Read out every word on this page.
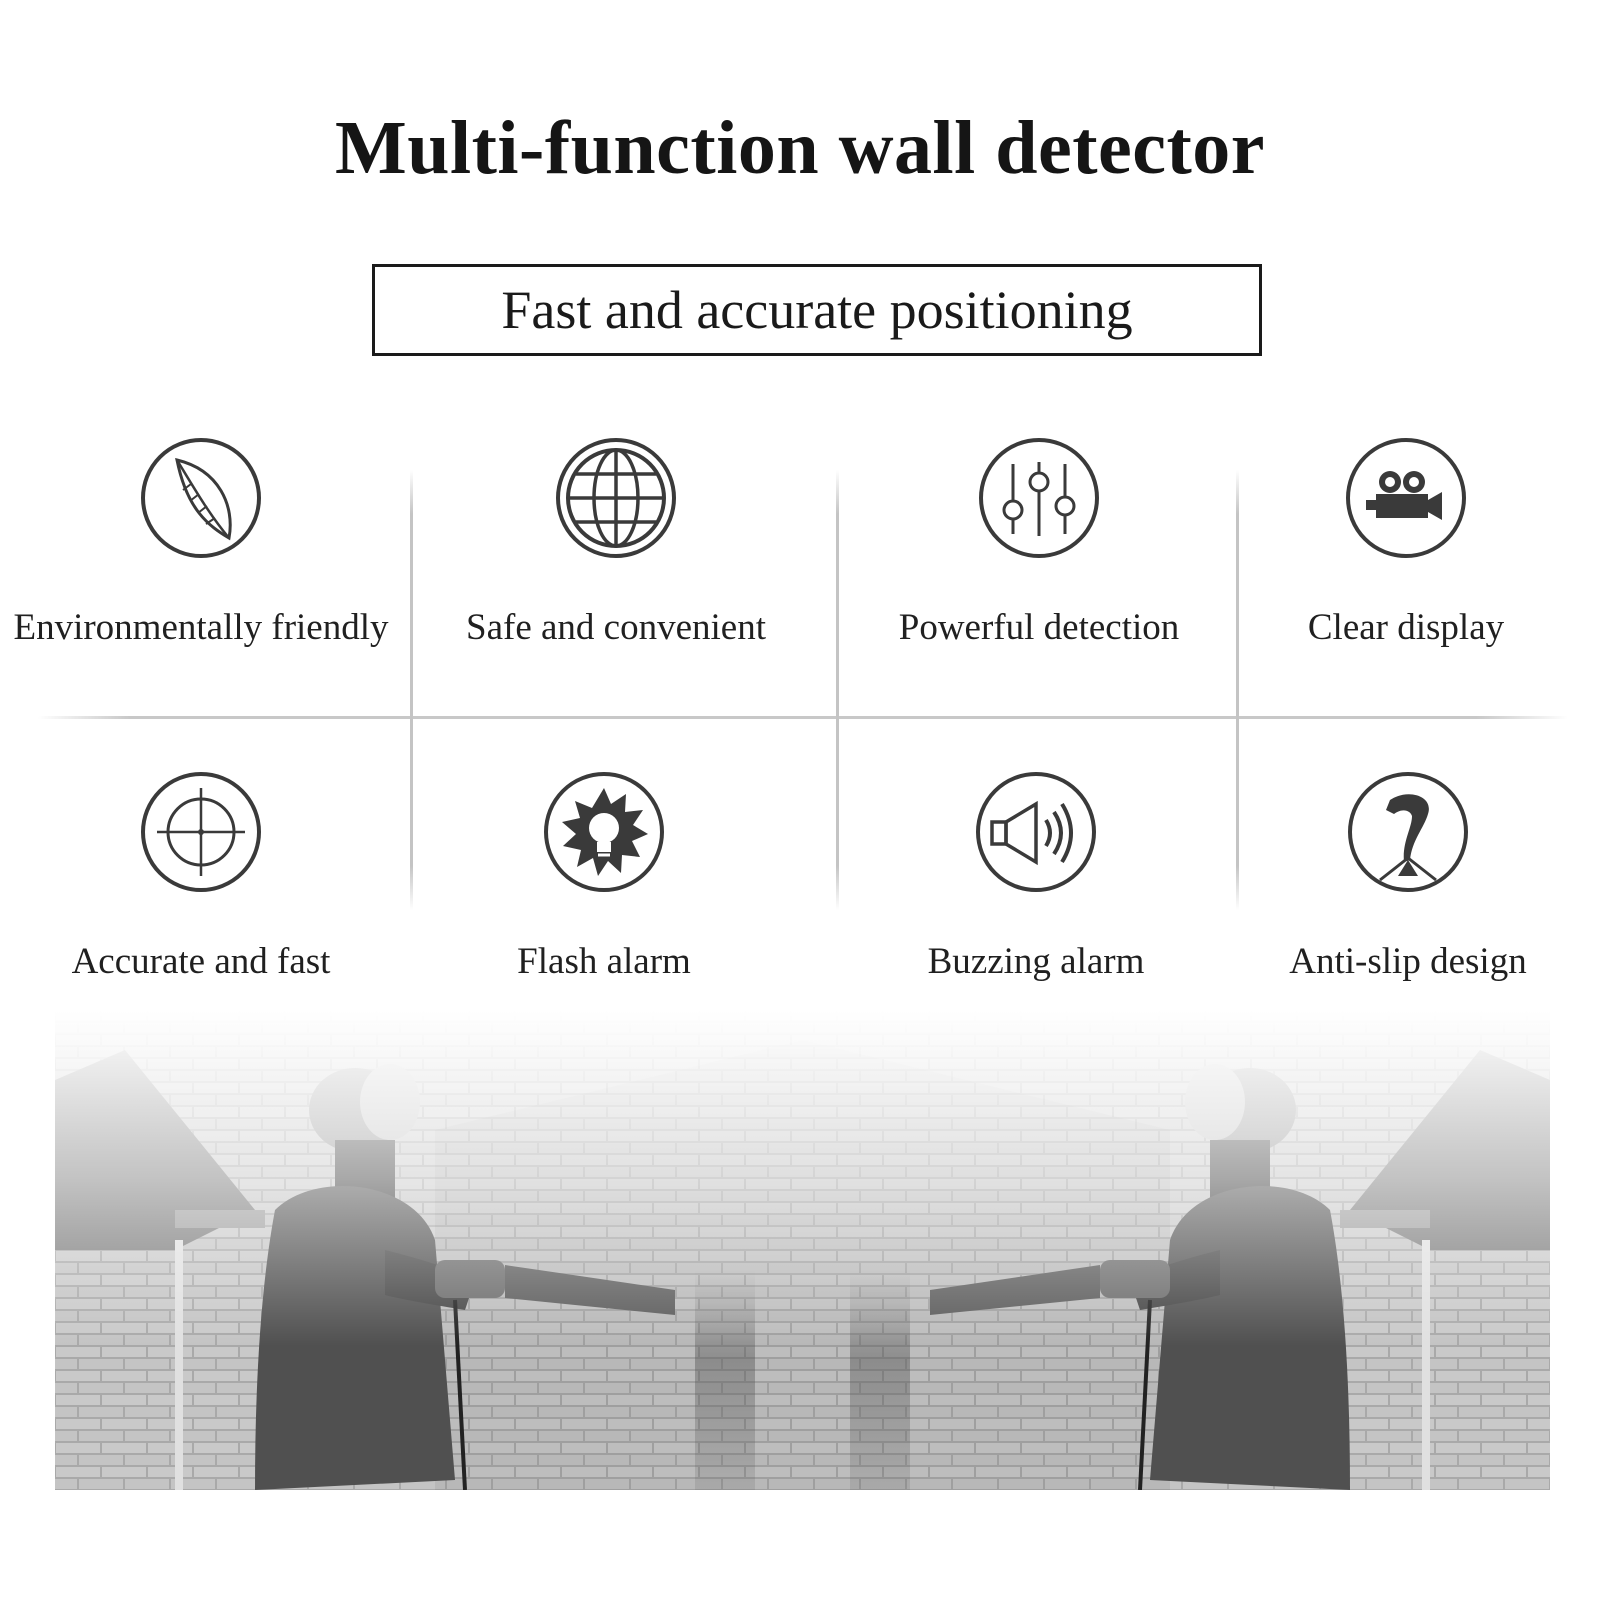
Multi-function wall detector
Fast and accurate positioning
Environmentally friendly	Safe and convenient	Powerful detection	Clear display
Accurate and fast	Flash alarm	Buzzing alarm	Anti-slip design
